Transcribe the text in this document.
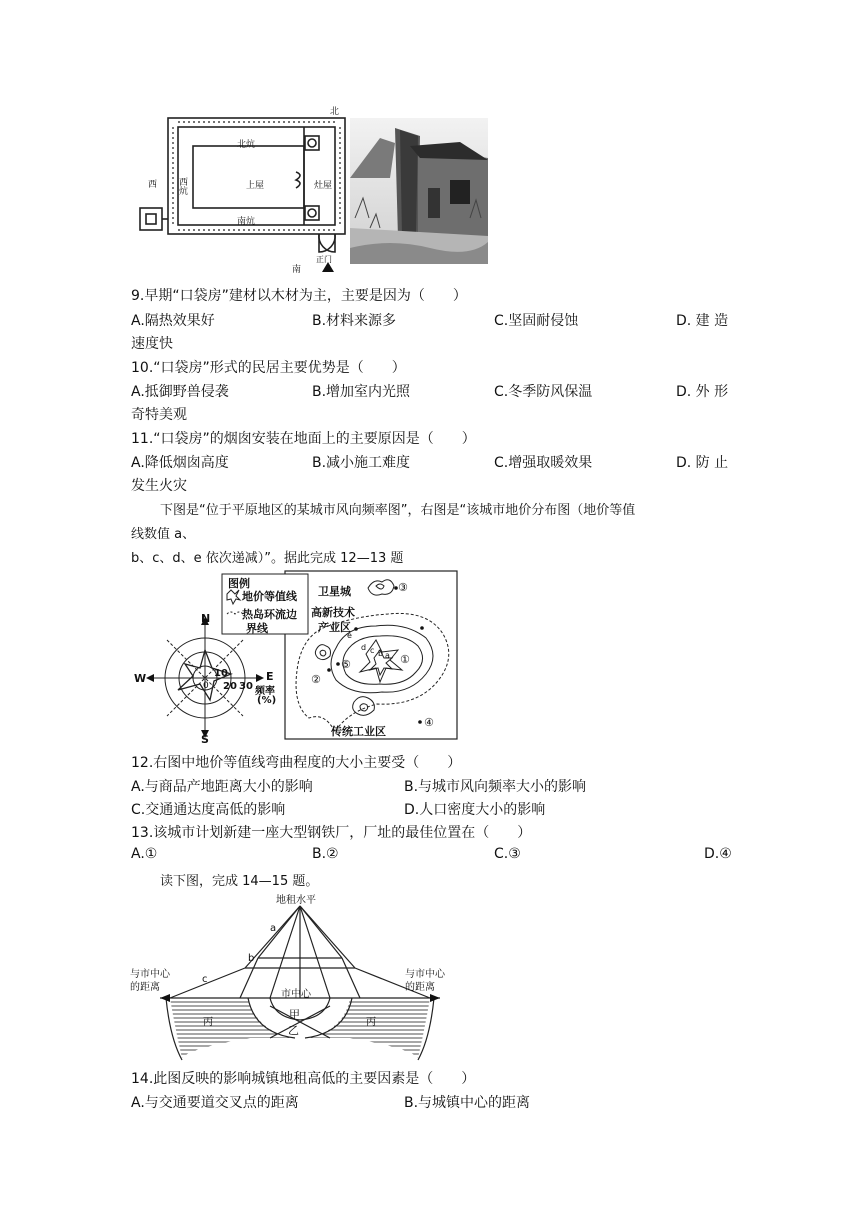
北
西
南
北炕
西炕	上屋	灶屋
南炕
正门
9.早期“口袋房”建材以木材为主，主要是因为（　　）
A.隔热效果好	B.材料来源多	C.坚固耐侵蚀	D. 建 造
速度快
10.“口袋房”形式的民居主要优势是（　　）
A.抵御野兽侵袭	B.增加室内光照	C.冬季防风保温	D. 外 形
奇特美观
11.“口袋房”的烟囱安装在地面上的主要原因是（　　）
A.降低烟囱高度	B.减小施工难度	C.增强取暖效果	D. 防 止
发生火灾
下图是“位于平原地区的某城市风向频率图”，右图是“该城市地价分布图（地价等值
线数值 a、
b、c、d、e 依次递减）”。据此完成 12—13 题
图例
地价等值线
热岛环流边
界线
卫星城
高新技术
产业区
传统工业区
N
S
E
W	10
0 20 30 频率
(%)
①
②
③
④
⑤
a
b
c
d
e
12.右图中地价等值线弯曲程度的大小主要受（　　）
A.与商品产地距离大小的影响	B.与城市风向频率大小的影响
C.交通通达度高低的影响	D.人口密度大小的影响
13.该城市计划新建一座大型钢铁厂，厂址的最佳位置在（　　）
A.①	B.②	C.③	D.④
读下图，完成 14—15 题。
地租水平
与市中心
的距离
与市中心
的距离
市中心
甲
乙
丙	丙
a
b
c
14.此图反映的影响城镇地租高低的主要因素是（　　）
A.与交通要道交叉点的距离	B.与城镇中心的距离
